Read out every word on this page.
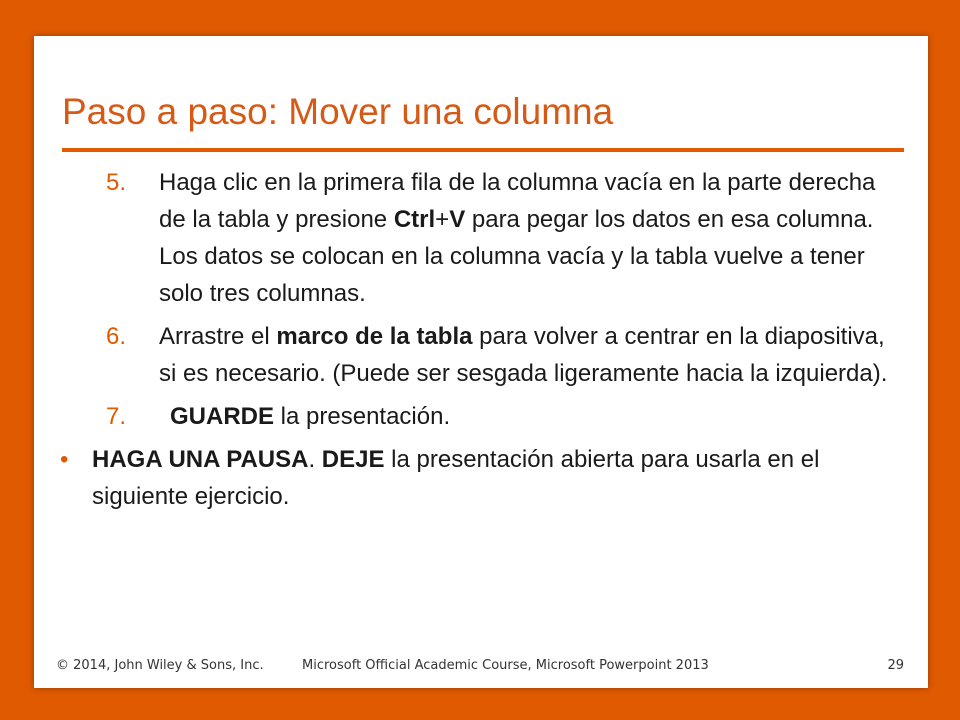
Paso a paso: Mover una columna
5. Haga clic en la primera fila de la columna vacía en la parte derecha de la tabla y presione Ctrl+V para pegar los datos en esa columna. Los datos se colocan en la columna vacía y la tabla vuelve a tener solo tres columnas.
6. Arrastre el marco de la tabla para volver a centrar en la diapositiva, si es necesario. (Puede ser sesgada ligeramente hacia la izquierda).
7.	GUARDE la presentación.
• HAGA UNA PAUSA. DEJE la presentación abierta para usarla en el siguiente ejercicio.
© 2014, John Wiley & Sons, Inc.	Microsoft Official Academic Course, Microsoft Powerpoint 2013	29
